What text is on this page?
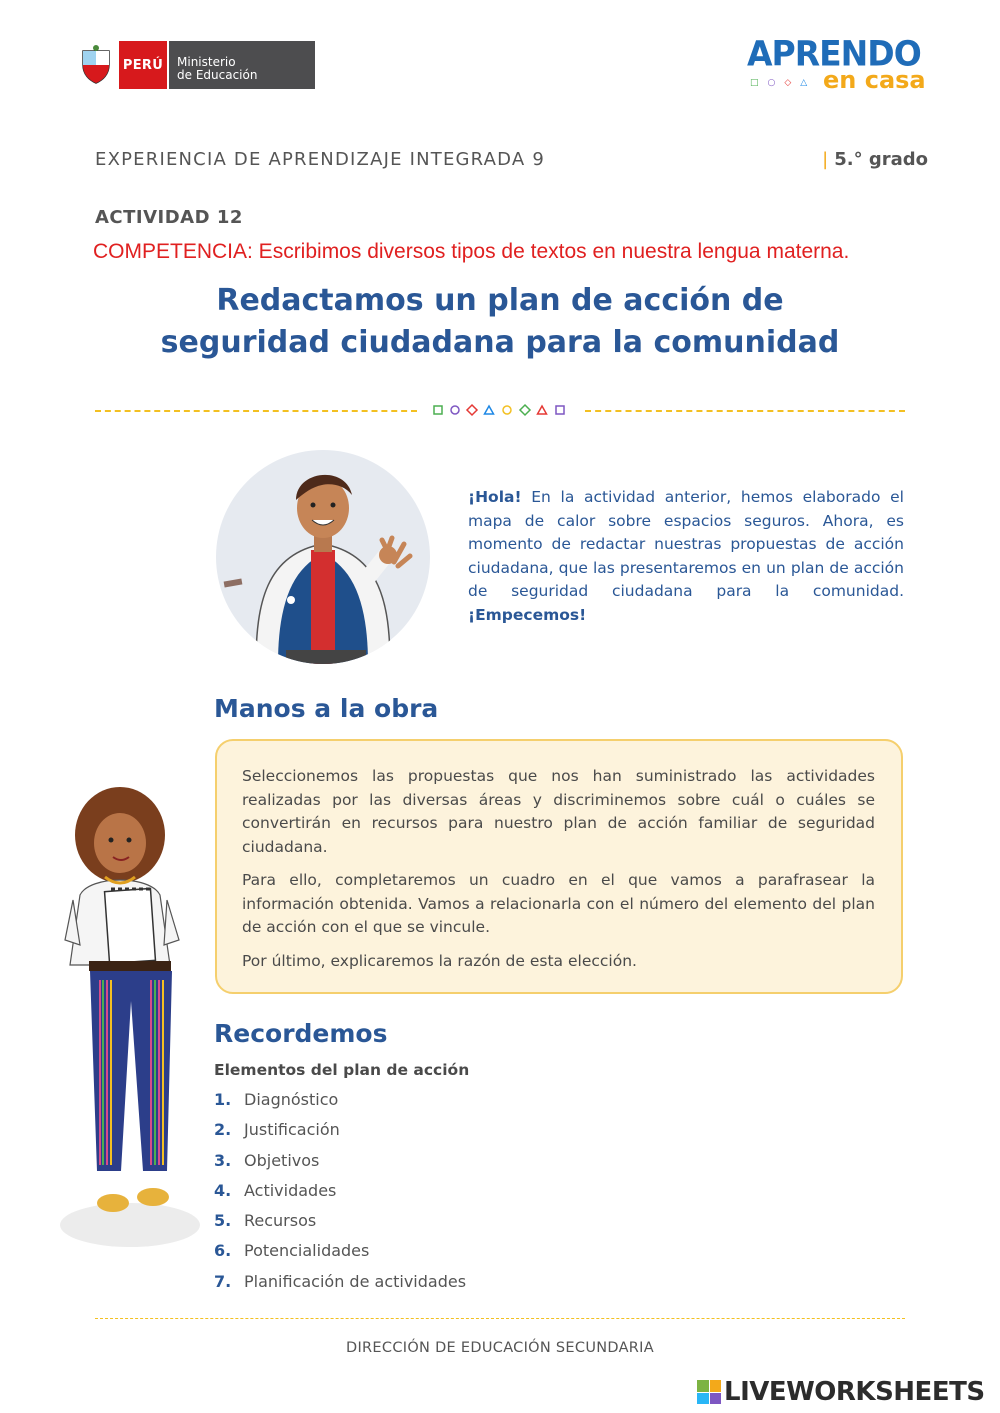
PERÚ	Ministerio
de Educación
APRENDO
□○◇△ en casa
EXPERIENCIA DE APRENDIZAJE INTEGRADA 9	| 5.° grado
ACTIVIDAD 12
COMPETENCIA: Escribimos diversos tipos de textos en nuestra lengua materna.
Redactamos un plan de acción de
seguridad ciudadana para la comunidad
¡Hola! En la actividad anterior, hemos elaborado el mapa de calor sobre espacios seguros. Ahora, es momento de redactar nuestras propuestas de acción ciudadana, que las presentaremos en un plan de acción de seguridad ciudadana para la comunidad. ¡Empecemos!
Manos a la obra

Seleccionemos las propuestas que nos han suministrado las actividades realizadas por las diversas áreas y discriminemos sobre cuál o cuáles se convertirán en recursos para nuestro plan de acción familiar de seguridad ciudadana.

Para ello, completaremos un cuadro en el que vamos a parafrasear la información obtenida. Vamos a relacionarla con el número del elemento del plan de acción con el que se vincule.

Por último, explicaremos la razón de esta elección.

Recordemos
Elementos del plan de acción
1. Diagnóstico
2. Justificación
3. Objetivos
4. Actividades
5. Recursos
6. Potencialidades
7. Planificación de actividades
DIRECCIÓN DE EDUCACIÓN SECUNDARIA
LIVEWORKSHEETS
